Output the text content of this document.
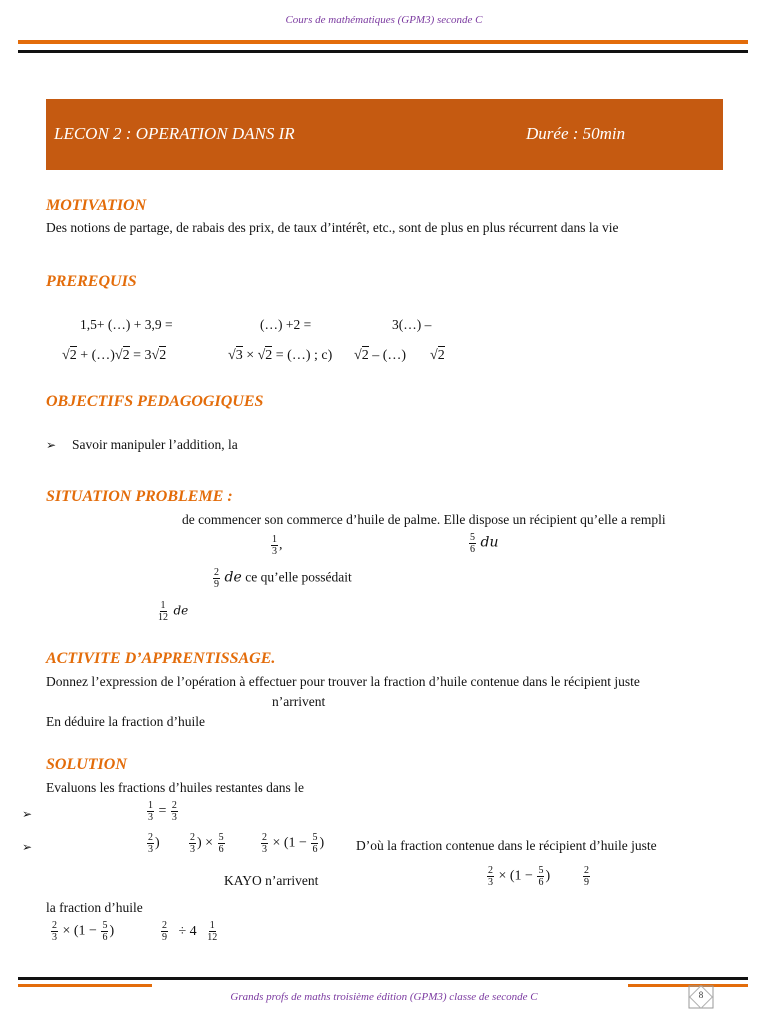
Cours de mathématiques (GPM3) seconde C
LECON 2 : OPERATION DANS IR	Durée : 50min
MOTIVATION
Des notions de partage, de rabais des prix, de taux d’intérêt, etc., sont de plus en plus récurrent dans la vie
PREREQUIS
1,5+ (…) + 3,9 =	(…) +2 =	3(…) –
√2 + (…)√2 = 3√2	√3 × √2 = (…) ; c) √2 – (…) √2
OBJECTIFS PEDAGOGIQUES
➢ Savoir manipuler l’addition, la
SITUATION PROBLEME :
de commencer son commerce d’huile de palme. Elle dispose un récipient qu’elle a rempli
$\frac{1}{3}$ ,	$\frac{5}{6}$ du
$\frac{2}{9}$ de ce qu’elle possédait
$\frac{1}{12}$ de
ACTIVITE D’APPRENTISSAGE.
Donnez l’expression de l’opération à effectuer pour trouver la fraction d’huile contenue dans le récipient juste
n’arrivent
En déduire la fraction d’huile
SOLUTION
Evaluons les fractions d’huiles restantes dans le
➢	$\frac{1}{3} = \frac{2}{3}$
➢	$\frac{2}{3}$ )	$\frac{2}{3}$ ) × $\frac{5}{6}$	$\frac{2}{3} \times (1 - \frac{5}{6}$ ) D’où la fraction contenue dans le récipient d’huile juste
KAYO n’arrivent	$\frac{2}{3} \times (1 - \frac{5}{6}$ )	$\frac{2}{9}$
la fraction d’huile
$\frac{2}{3} \times (1 - \frac{5}{6}$ )	$\frac{2}{9} \div 4 \frac{1}{12}$
Grands profs de maths troisième édition (GPM3) classe de seconde C	8
